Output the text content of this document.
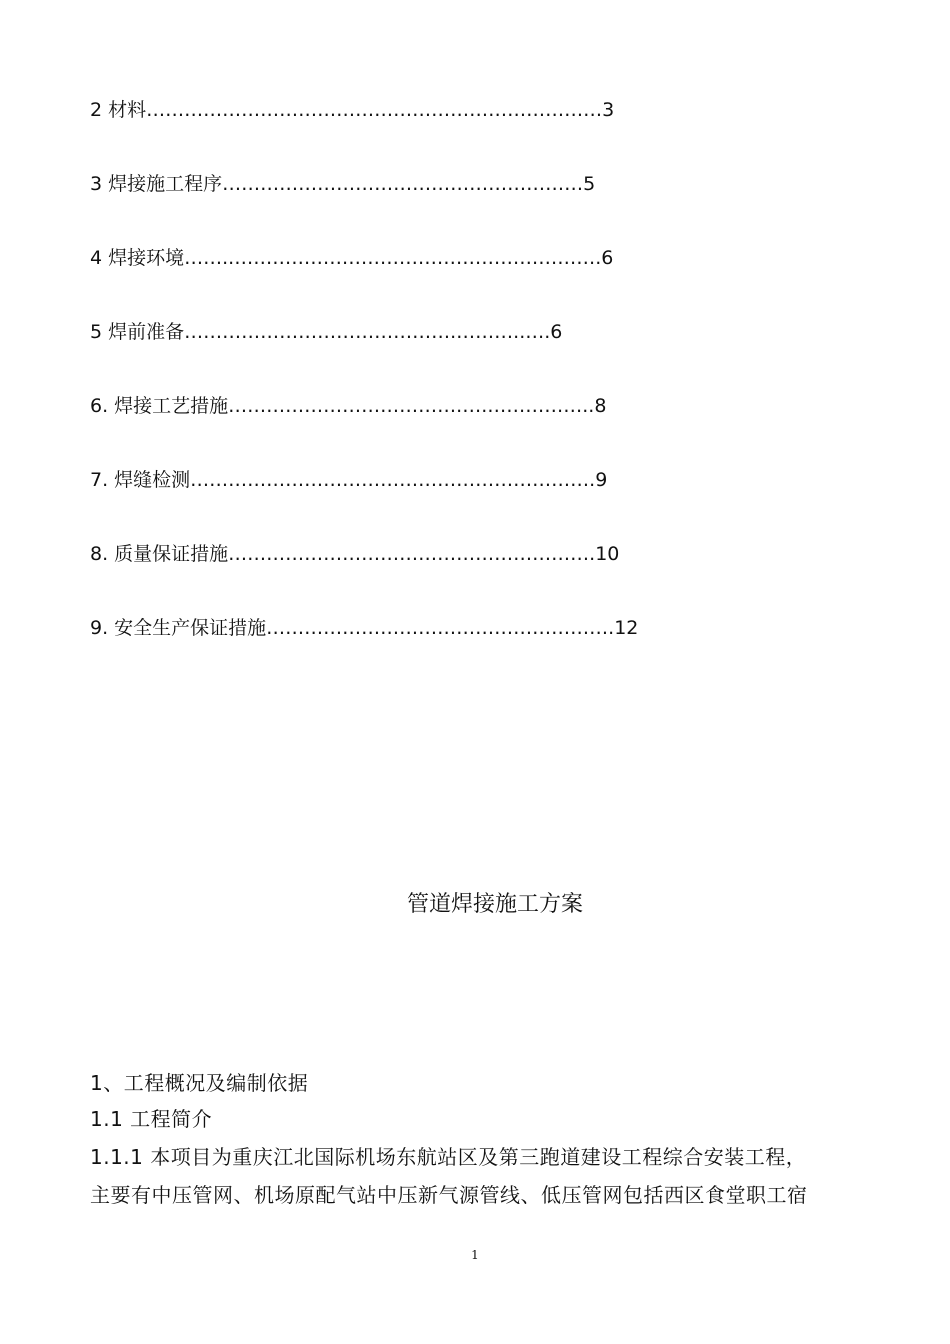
2 材料………………………………………………………………3
3 焊接施工程序…………………………………………………5
4 焊接环境……..………………………………………………….6
5 焊前准备…………………………………….………..….6
6. 焊接工艺措施……………………………….….……………..8
7. 焊缝检测……………………………………………………….9
8. 质量保证措施………………………………………………….10
9. 安全生产保证措施……………………………………………….12
管道焊接施工方案
1、工程概况及编制依据
1.1 工程简介
1.1.1 本项目为重庆江北国际机场东航站区及第三跑道建设工程综合安装工程，
主要有中压管网、机场原配气站中压新气源管线、低压管网包括西区食堂职工宿
1
